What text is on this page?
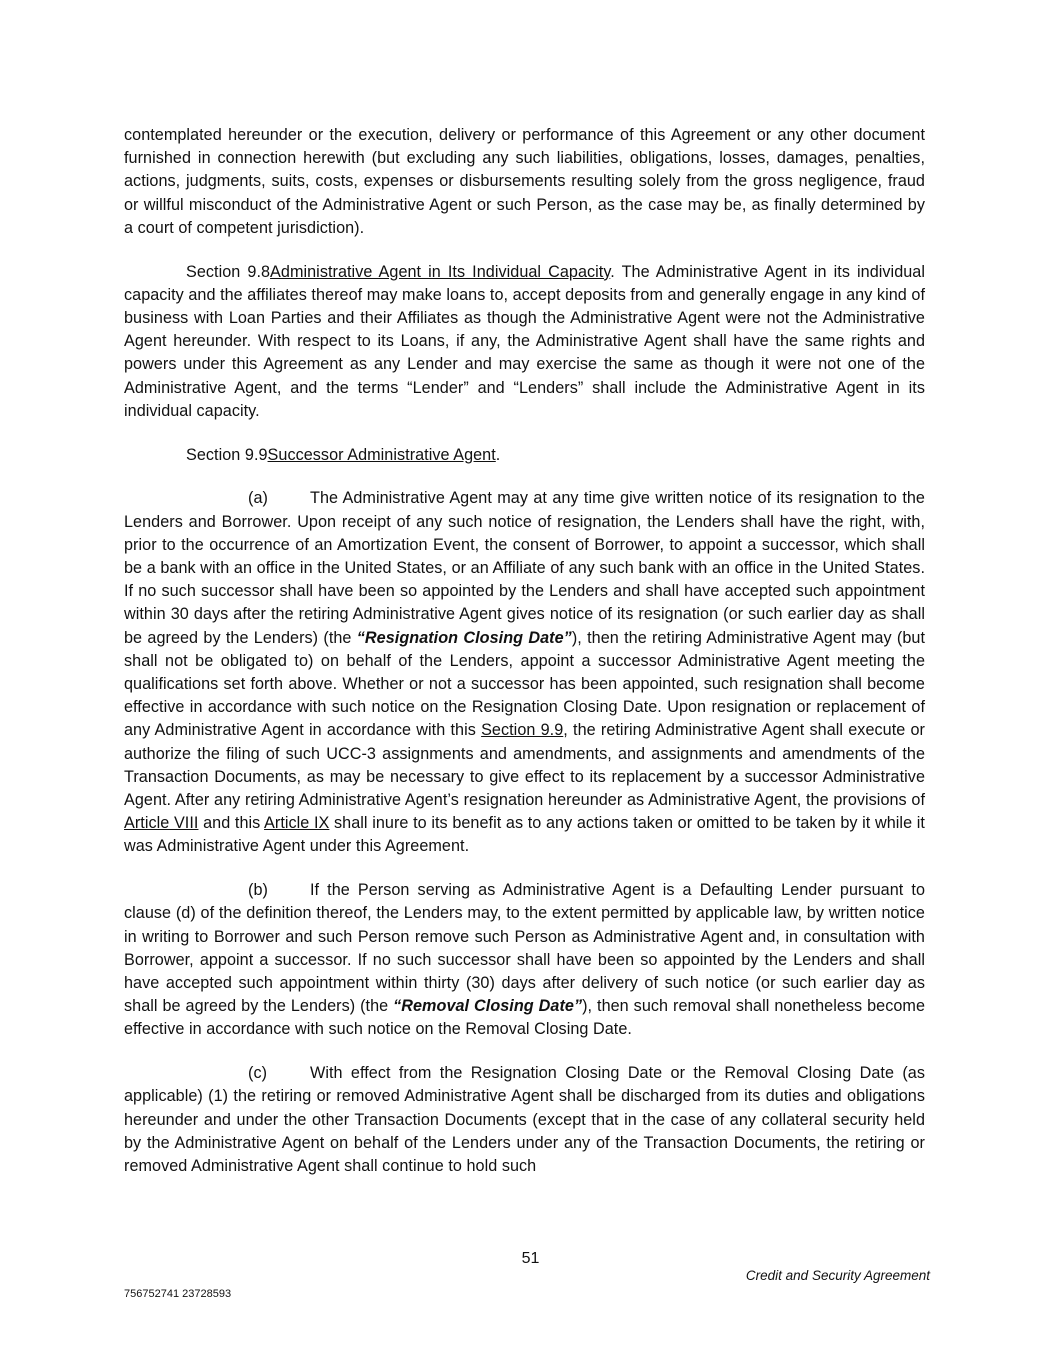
contemplated hereunder or the execution, delivery or performance of this Agreement or any other document furnished in connection herewith (but excluding any such liabilities, obligations, losses, damages, penalties, actions, judgments, suits, costs, expenses or disbursements resulting solely from the gross negligence, fraud or willful misconduct of the Administrative Agent or such Person, as the case may be, as finally determined by a court of competent jurisdiction).

Section 9.8Administrative Agent in Its Individual Capacity. The Administrative Agent in its individual capacity and the affiliates thereof may make loans to, accept deposits from and generally engage in any kind of business with Loan Parties and their Affiliates as though the Administrative Agent were not the Administrative Agent hereunder. With respect to its Loans, if any, the Administrative Agent shall have the same rights and powers under this Agreement as any Lender and may exercise the same as though it were not one of the Administrative Agent, and the terms “Lender” and “Lenders” shall include the Administrative Agent in its individual capacity.

Section 9.9Successor Administrative Agent.

(a)	The Administrative Agent may at any time give written notice of its resignation to the Lenders and Borrower. Upon receipt of any such notice of resignation, the Lenders shall have the right, with, prior to the occurrence of an Amortization Event, the consent of Borrower, to appoint a successor, which shall be a bank with an office in the United States, or an Affiliate of any such bank with an office in the United States. If no such successor shall have been so appointed by the Lenders and shall have accepted such appointment within 30 days after the retiring Administrative Agent gives notice of its resignation (or such earlier day as shall be agreed by the Lenders) (the “Resignation Closing Date”), then the retiring Administrative Agent may (but shall not be obligated to) on behalf of the Lenders, appoint a successor Administrative Agent meeting the qualifications set forth above. Whether or not a successor has been appointed, such resignation shall become effective in accordance with such notice on the Resignation Closing Date. Upon resignation or replacement of any Administrative Agent in accordance with this Section 9.9, the retiring Administrative Agent shall execute or authorize the filing of such UCC-3 assignments and amendments, and assignments and amendments of the Transaction Documents, as may be necessary to give effect to its replacement by a successor Administrative Agent. After any retiring Administrative Agent’s resignation hereunder as Administrative Agent, the provisions of Article VIII and this Article IX shall inure to its benefit as to any actions taken or omitted to be taken by it while it was Administrative Agent under this Agreement.

(b)	If the Person serving as Administrative Agent is a Defaulting Lender pursuant to clause (d) of the definition thereof, the Lenders may, to the extent permitted by applicable law, by written notice in writing to Borrower and such Person remove such Person as Administrative Agent and, in consultation with Borrower, appoint a successor. If no such successor shall have been so appointed by the Lenders and shall have accepted such appointment within thirty (30) days after delivery of such notice (or such earlier day as shall be agreed by the Lenders) (the “Removal Closing Date”), then such removal shall nonetheless become effective in accordance with such notice on the Removal Closing Date.

(c)	With effect from the Resignation Closing Date or the Removal Closing Date (as applicable) (1) the retiring or removed Administrative Agent shall be discharged from its duties and obligations hereunder and under the other Transaction Documents (except that in the case of any collateral security held by the Administrative Agent on behalf of the Lenders under any of the Transaction Documents, the retiring or removed Administrative Agent shall continue to hold such

51
Credit and Security Agreement
756752741 23728593
